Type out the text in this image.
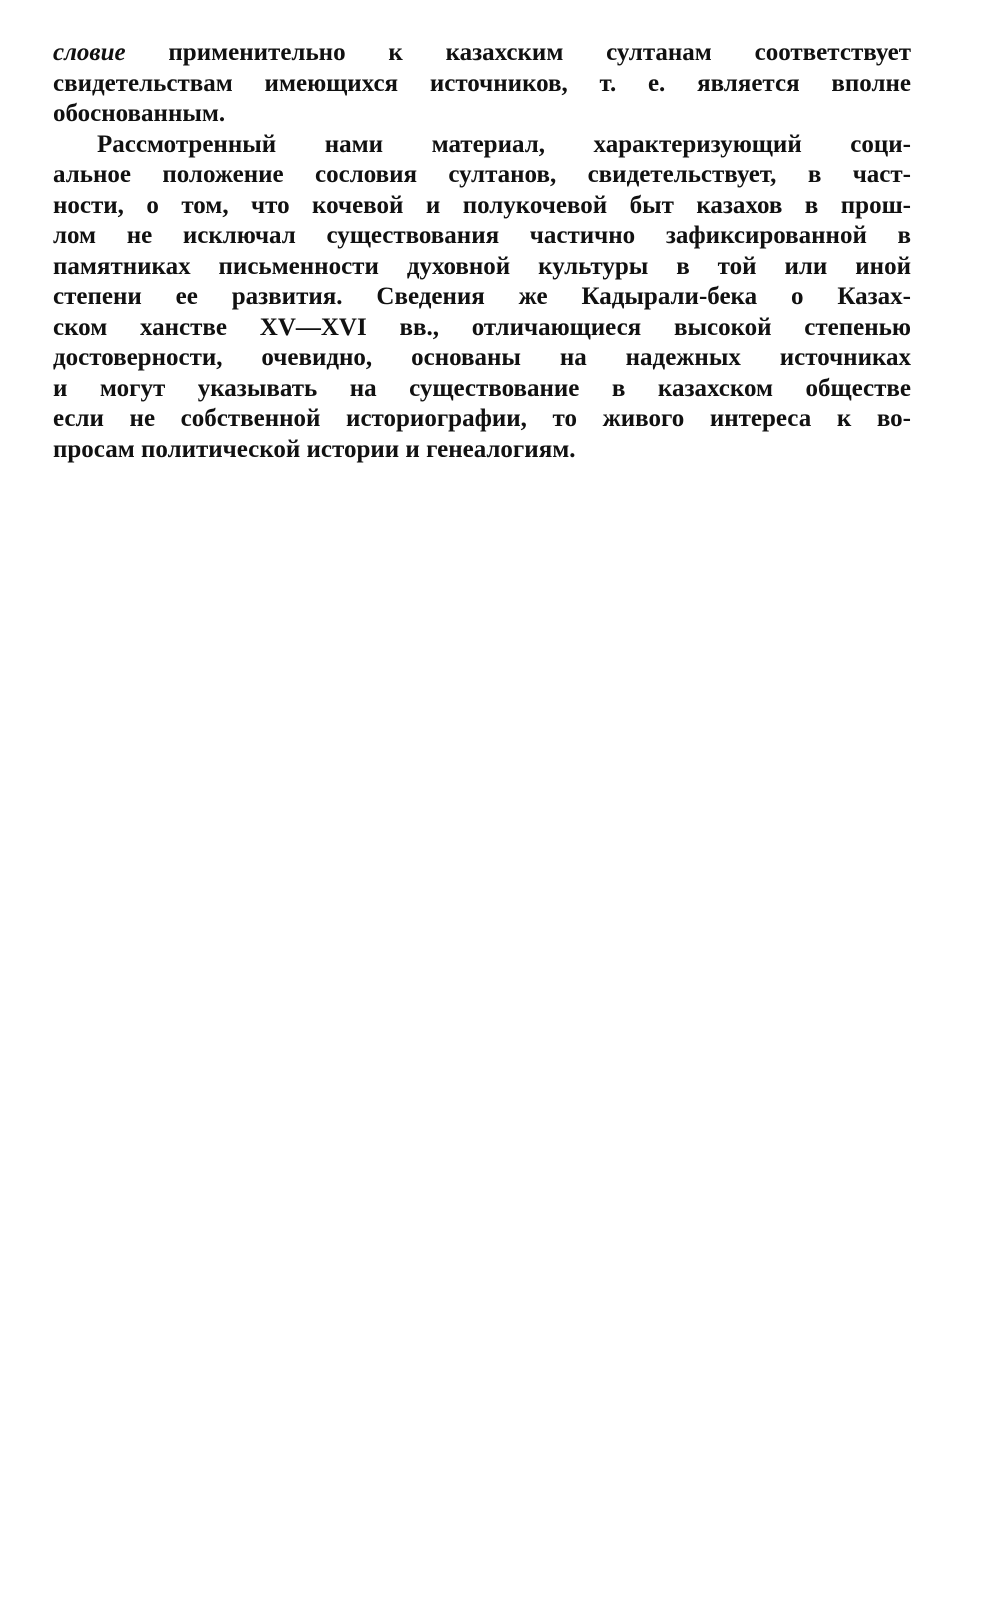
словие применительно к казахским султанам соответствует
свидетельствам имеющихся источников, т. е. является вполне
обоснованным.
Рассмотренный нами материал, характеризующий соци-
альное положение сословия султанов, свидетельствует, в част-
ности, о том, что кочевой и полукочевой быт казахов в прош-
лом не исключал существования частично зафиксированной в
памятниках письменности духовной культуры в той или иной
степени ее развития. Сведения же Кадырали-бека о Казах-
ском ханстве XV—XVI вв., отличающиеся высокой степенью
достоверности, очевидно, основаны на надежных источниках
и могут указывать на существование в казахском обществе
если не собственной историографии, то живого интереса к во-
просам политической истории и генеалогиям.
